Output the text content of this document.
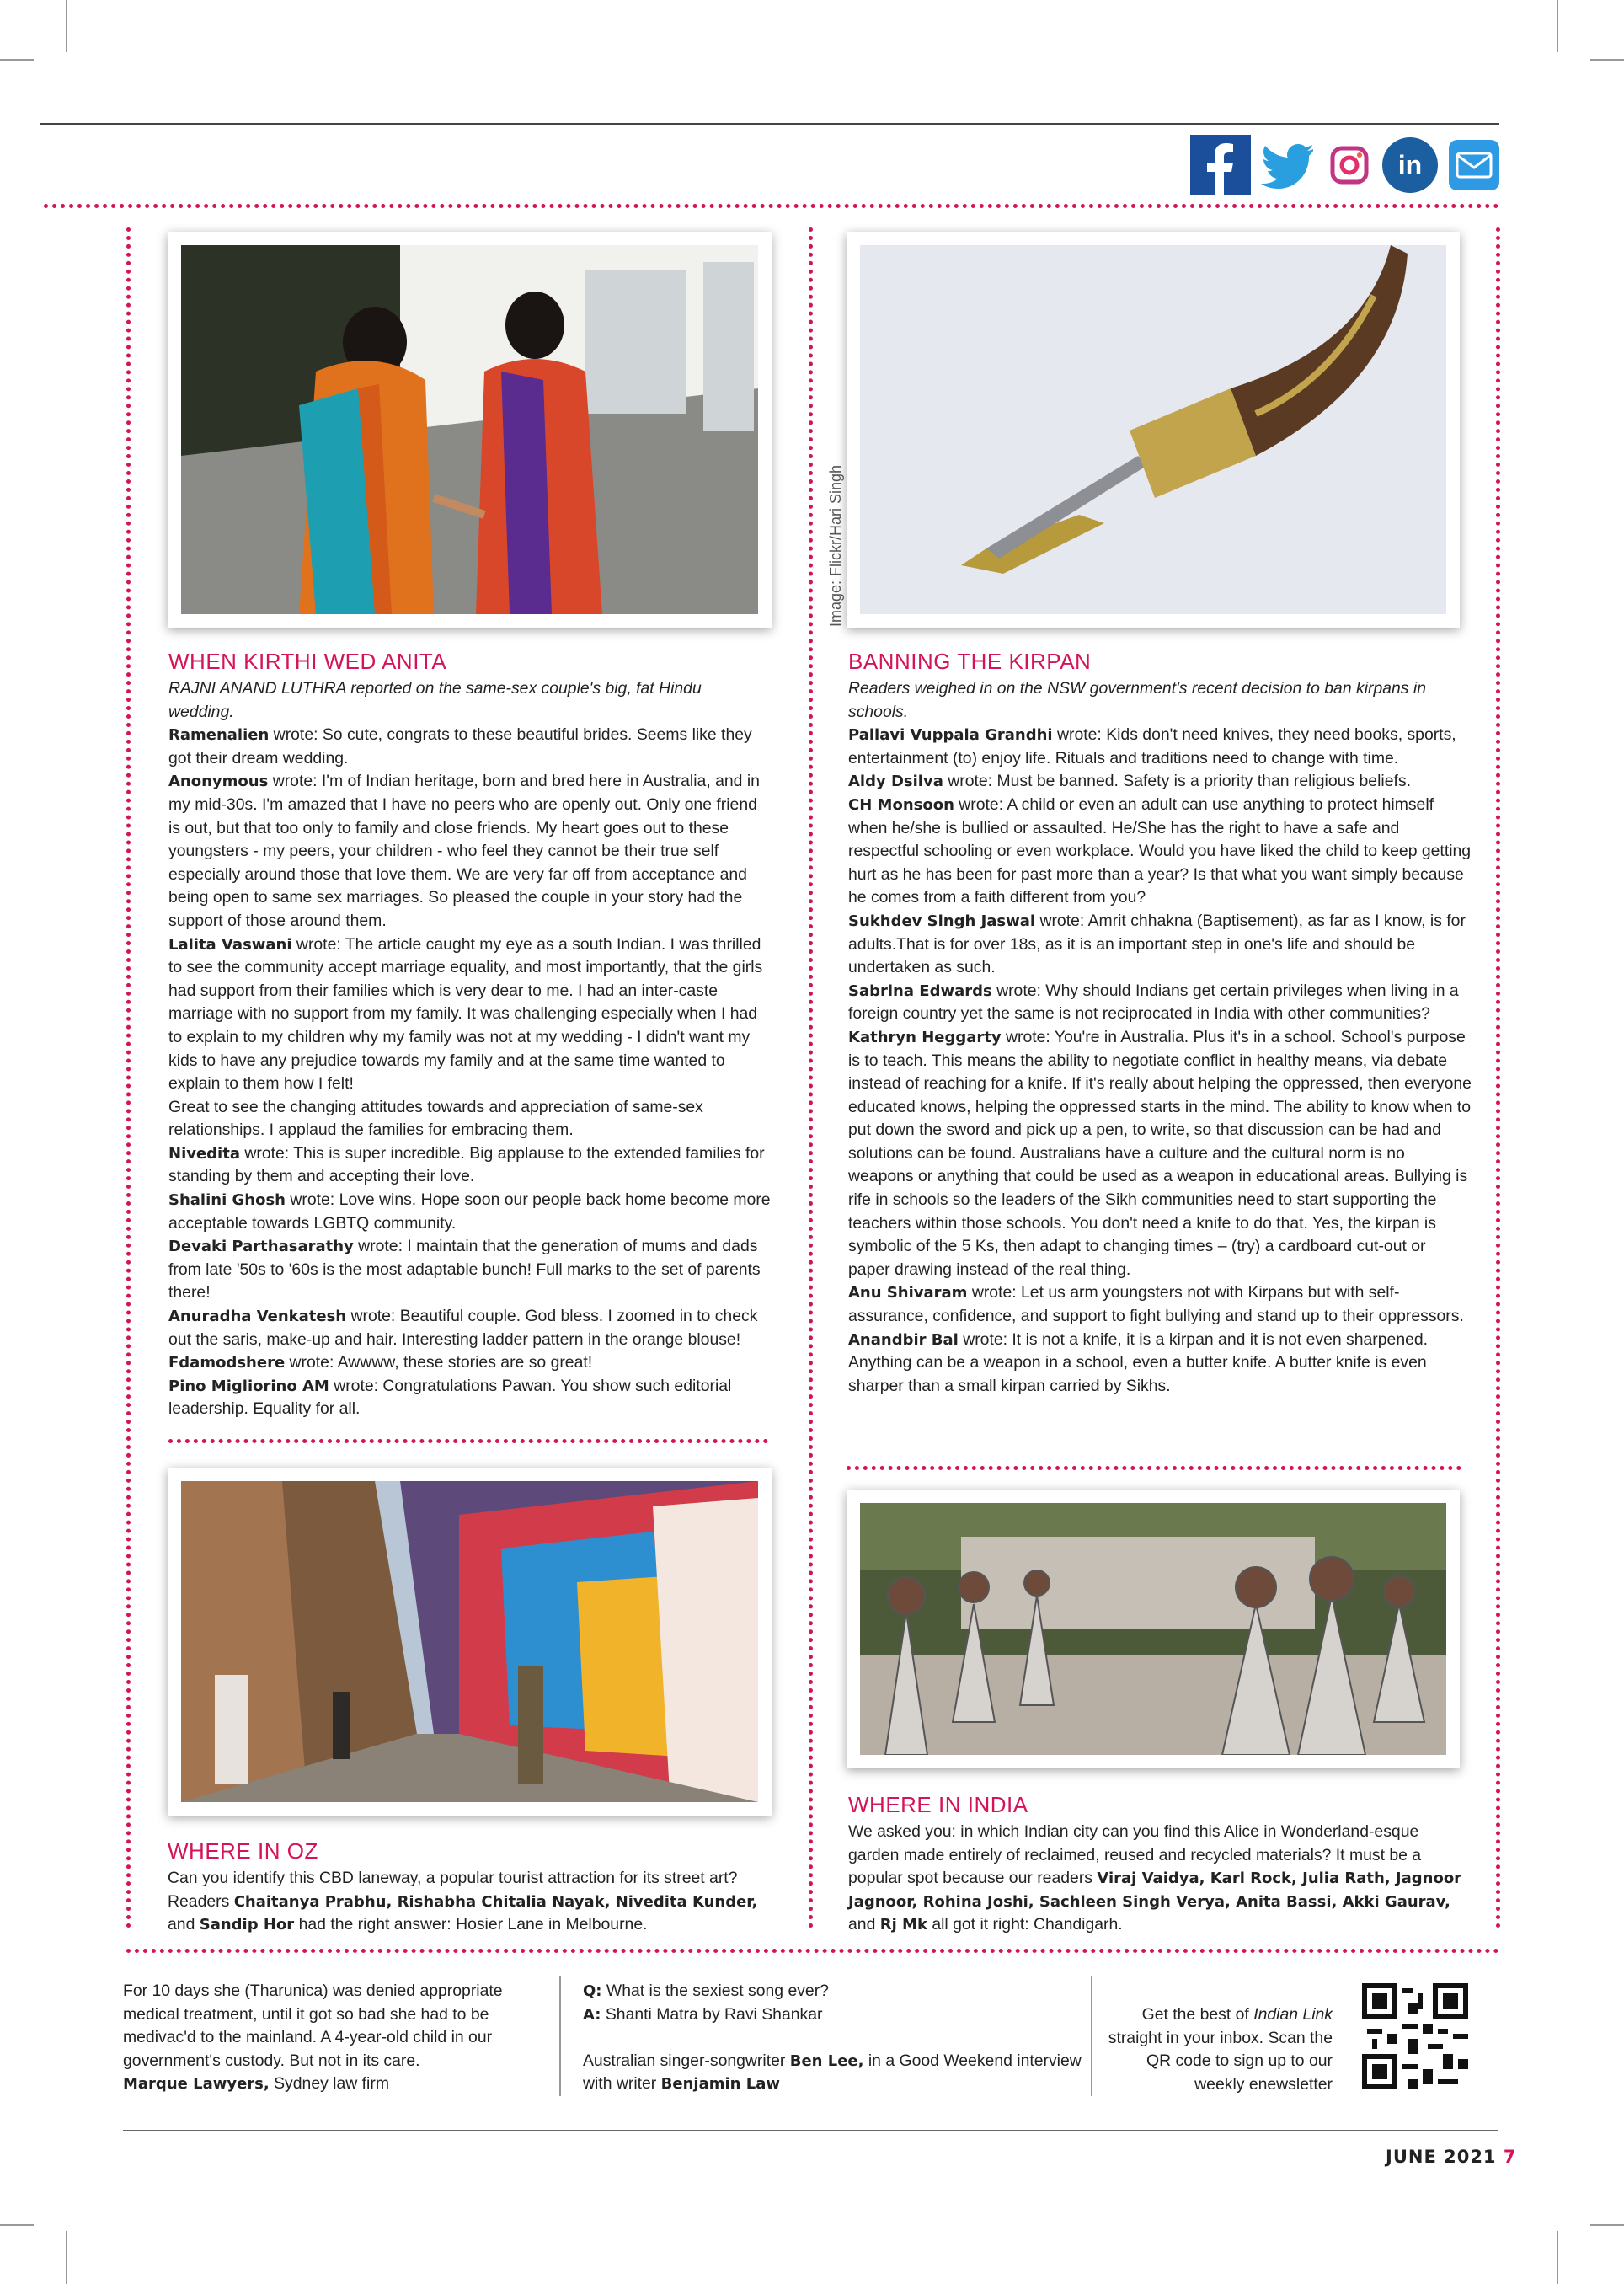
in
Image: Flickr/Hari Singh
WHEN KIRTHI WED ANITA

RAJNI ANAND LUTHRA reported on the same-sex couple's big, fat Hindu wedding.

Ramenalien wrote: So cute, congrats to these beautiful brides. Seems like they got their dream wedding.

Anonymous wrote: I'm of Indian heritage, born and bred here in Australia, and in my mid-30s. I'm amazed that I have no peers who are openly out. Only one friend is out, but that too only to family and close friends. My heart goes out to these youngsters - my peers, your children - who feel they cannot be their true self especially around those that love them. We are very far off from acceptance and being open to same sex marriages. So pleased the couple in your story had the support of those around them.

Lalita Vaswani wrote: The article caught my eye as a south Indian. I was thrilled to see the community accept marriage equality, and most importantly, that the girls had support from their families which is very dear to me. I had an inter-caste marriage with no support from my family. It was challenging especially when I had to explain to my children why my family was not at my wedding - I didn't want my kids to have any prejudice towards my family and at the same time wanted to explain to them how I felt!

Great to see the changing attitudes towards and appreciation of same-sex relationships. I applaud the families for embracing them.

Nivedita wrote: This is super incredible. Big applause to the extended families for standing by them and accepting their love.

Shalini Ghosh wrote: Love wins. Hope soon our people back home become more acceptable towards LGBTQ community.

Devaki Parthasarathy wrote: I maintain that the generation of mums and dads from late '50s to '60s is the most adaptable bunch! Full marks to the set of parents there!

Anuradha Venkatesh wrote: Beautiful couple. God bless. I zoomed in to check out the saris, make-up and hair. Interesting ladder pattern in the orange blouse!

Fdamodshere wrote: Awwww, these stories are so great!

Pino Migliorino AM wrote: Congratulations Pawan. You show such editorial leadership. Equality for all.

BANNING THE KIRPAN

Readers weighed in on the NSW government's recent decision to ban kirpans in schools.

Pallavi Vuppala Grandhi wrote: Kids don't need knives, they need books, sports, entertainment (to) enjoy life. Rituals and traditions need to change with time.

Aldy Dsilva wrote: Must be banned. Safety is a priority than religious beliefs.

CH Monsoon wrote: A child or even an adult can use anything to protect himself when he/she is bullied or assaulted. He/She has the right to have a safe and respectful schooling or even workplace. Would you have liked the child to keep getting hurt as he has been for past more than a year? Is that what you want simply because he comes from a faith different from you?

Sukhdev Singh Jaswal wrote: Amrit chhakna (Baptisement), as far as I know, is for adults.That is for over 18s, as it is an important step in one's life and should be undertaken as such.

Sabrina Edwards wrote: Why should Indians get certain privileges when living in a foreign country yet the same is not reciprocated in India with other communities?

Kathryn Heggarty wrote: You're in Australia. Plus it's in a school. School's purpose is to teach. This means the ability to negotiate conflict in healthy means, via debate instead of reaching for a knife. If it's really about helping the oppressed, then everyone educated knows, helping the oppressed starts in the mind. The ability to know when to put down the sword and pick up a pen, to write, so that discussion can be had and solutions can be found. Australians have a culture and the cultural norm is no weapons or anything that could be used as a weapon in educational areas. Bullying is rife in schools so the leaders of the Sikh communities need to start supporting the teachers within those schools. You don't need a knife to do that. Yes, the kirpan is symbolic of the 5 Ks, then adapt to changing times – (try) a cardboard cut-out or paper drawing instead of the real thing.

Anu Shivaram wrote: Let us arm youngsters not with Kirpans but with self-assurance, confidence, and support to fight bullying and stand up to their oppressors.

Anandbir Bal wrote: It is not a knife, it is a kirpan and it is not even sharpened. Anything can be a weapon in a school, even a butter knife. A butter knife is even sharper than a small kirpan carried by Sikhs.

WHERE IN OZ

Can you identify this CBD laneway, a popular tourist attraction for its street art? Readers Chaitanya Prabhu, Rishabha Chitalia Nayak, Nivedita Kunder, and Sandip Hor had the right answer: Hosier Lane in Melbourne.

WHERE IN INDIA

We asked you: in which Indian city can you find this Alice in Wonderland-esque garden made entirely of reclaimed, reused and recycled materials? It must be a popular spot because our readers Viraj Vaidya, Karl Rock, Julia Rath, Jagnoor Jagnoor, Rohina Joshi, Sachleen Singh Verya, Anita Bassi, Akki Gaurav, and Rj Mk all got it right: Chandigarh.

For 10 days she (Tharunica) was denied appropriate medical treatment, until it got so bad she had to be medivac'd to the mainland. A 4-year-old child in our government's custody. But not in its care.
Marque Lawyers, Sydney law firm
Q: What is the sexiest song ever?
A: Shanti Matra by Ravi Shankar

Australian singer-songwriter Ben Lee, in a Good Weekend interview with writer Benjamin Law
Get the best of Indian Link straight in your inbox. Scan the QR code to sign up to our weekly enewsletter
JUNE 2021 7
